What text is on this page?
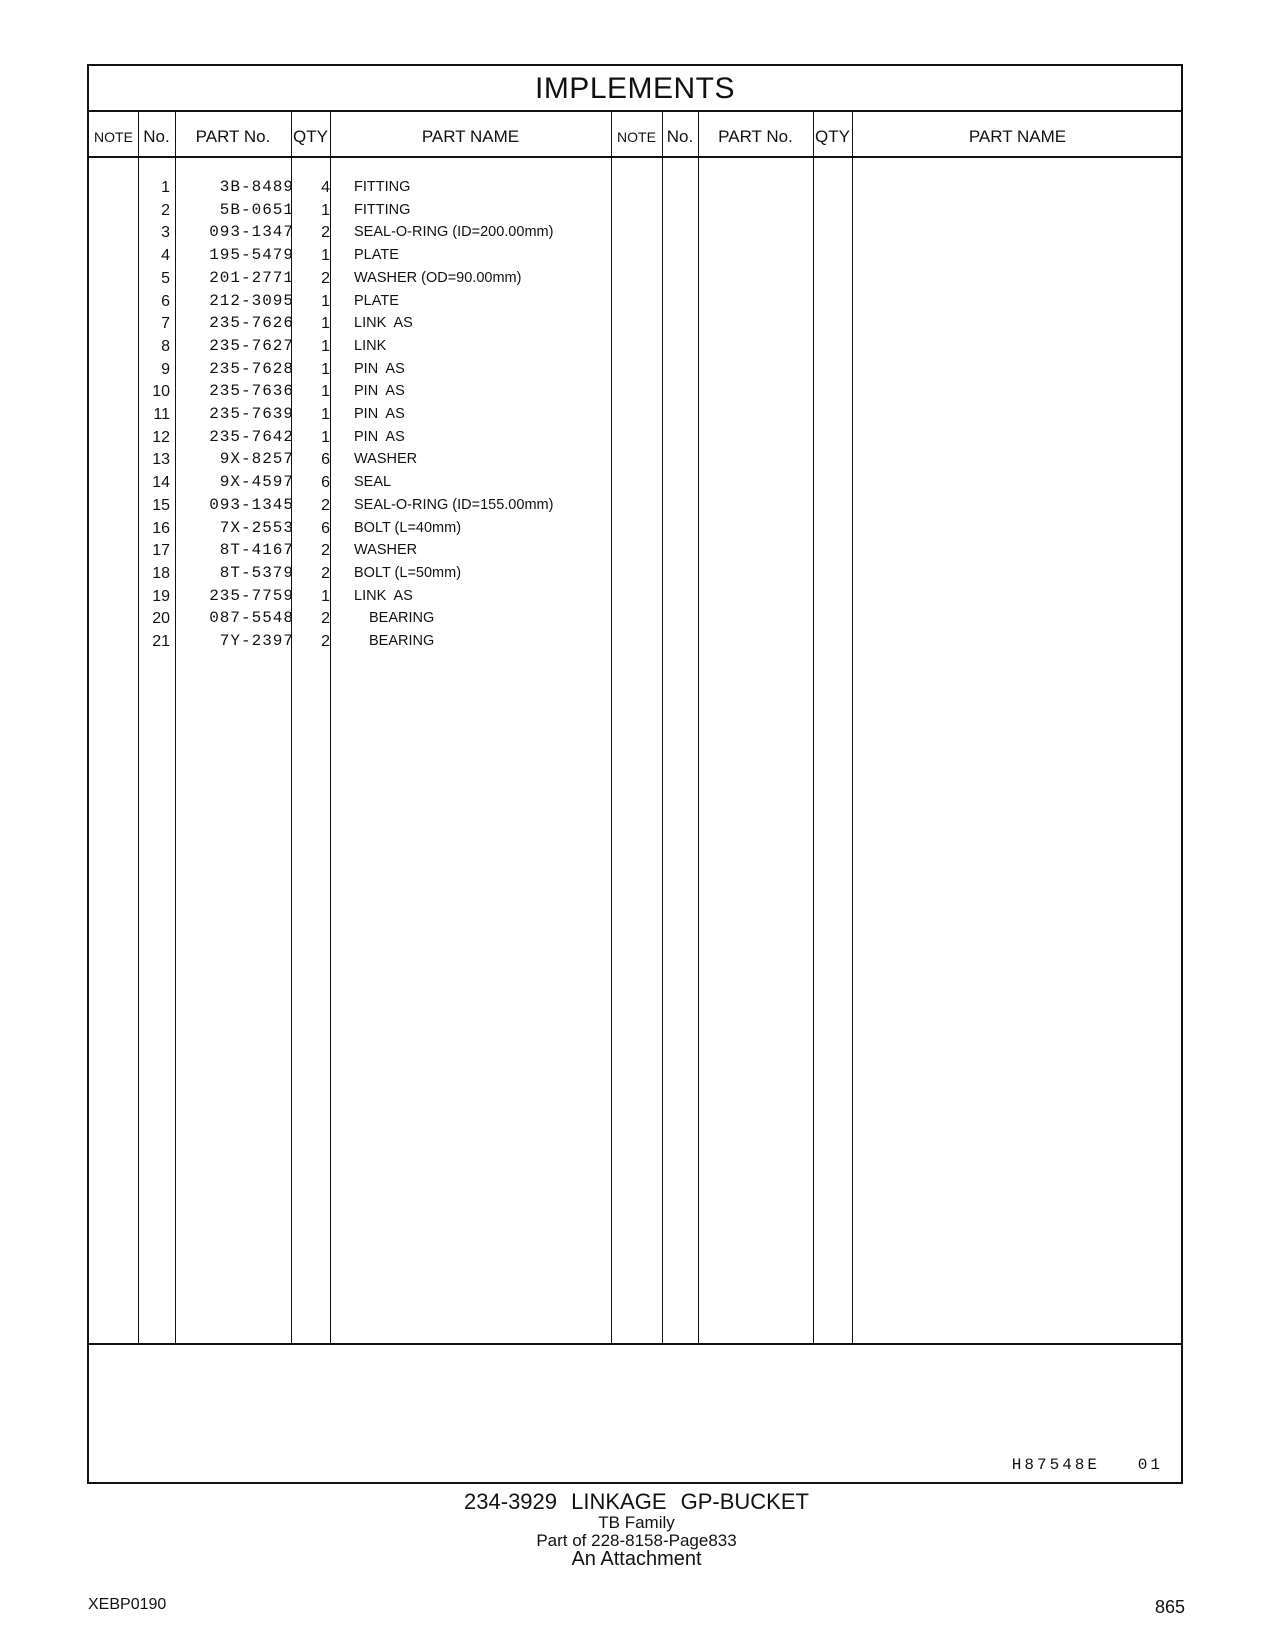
IMPLEMENTS
NOTE No.	PART No.	QTY	PART NAME	NOTE No.	PART No.	QTY	PART NAME
1	3B-8489	4 FITTING
2	5B-0651	1 FITTING
3	093-1347	2 SEAL-O-RING (ID=200.00mm)
4	195-5479	1 PLATE
5	201-2771	2 WASHER (OD=90.00mm)
6	212-3095	1 PLATE
7	235-7626	1 LINK  AS
8	235-7627	1 LINK
9	235-7628	1 PIN  AS
10	235-7636	1 PIN  AS
11	235-7639	1 PIN  AS
12	235-7642	1 PIN  AS
13	9X-8257	6 WASHER
14	9X-4597	6 SEAL
15	093-1345	2 SEAL-O-RING (ID=155.00mm)
16	7X-2553	6 BOLT (L=40mm)
17	8T-4167	2 WASHER
18	8T-5379	2 BOLT (L=50mm)
19	235-7759	1 LINK  AS
20	087-5548	2	BEARING
21	7Y-2397	2	BEARING
H87548E   01
234-3929 LINKAGE GP-BUCKET
TB Family
Part of 228-8158-Page833
An Attachment
XEBP0190	865
